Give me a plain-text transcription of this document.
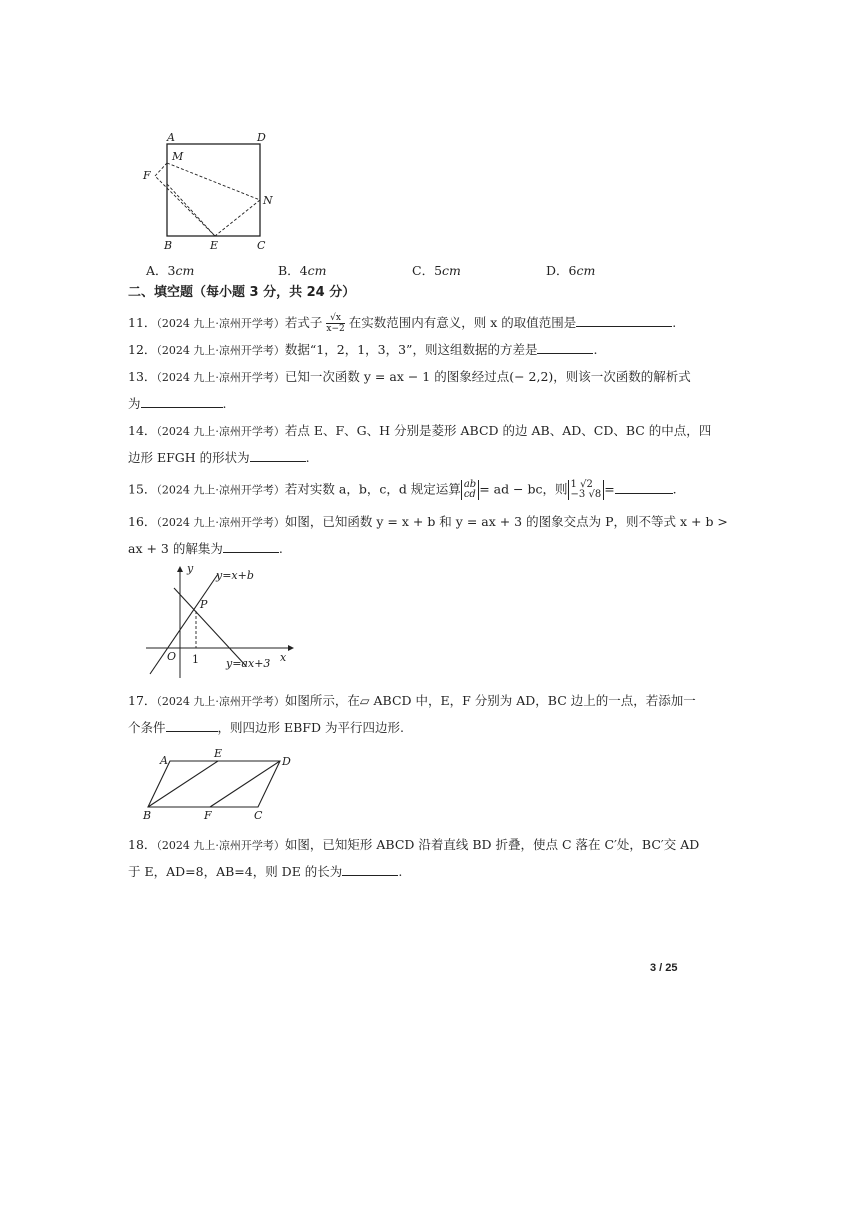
A	D
M
F
N
B	E	C
A．3cm	B．4cm	C．5cm	D．6cm
二、填空题（每小题 3 分，共 24 分）
11．（2024 九上·凉州开学考）若式子 $\frac{√x}{x-2}$ 在实数范围内有意义，则 x 的取值范围是	.
12．（2024 九上·凉州开学考）数据“1，2，1，3，3”，则这组数据的方差是	.
13．（2024 九上·凉州开学考）已知一次函数 y = ax − 1 的图象经过点(− 2,2)，则该一次函数的解析式
为	.
14．（2024 九上·凉州开学考）若点 E、F、G、H 分别是菱形 ABCD 的边 AB、AD、CD、BC 的中点，四
边形 EFGH 的形状为	.
15．（2024 九上·凉州开学考）若对实数 a，b，c，d 规定运算 ab
cd = ad − bc，则 1 √2
−3 √8 =	.
16．（2024 九上·凉州开学考）如图，已知函数 y = x + b 和 y = ax + 3 的图象交点为 P，则不等式 x + b >
ax + 3 的解集为	.
y
x
O 1
P
y=x+b
y=ax+3
17．（2024 九上·凉州开学考）如图所示，在▱ ABCD 中，E，F 分别为 AD，BC 边上的一点，若添加一
个条件	，则四边形 EBFD 为平行四边形.
A
E
D
B	F	C
18．（2024 九上·凉州开学考）如图，已知矩形 ABCD 沿着直线 BD 折叠，使点 C 落在 C′处，BC′交 AD
于 E，AD=8，AB=4，则 DE 的长为	.
3 / 25
